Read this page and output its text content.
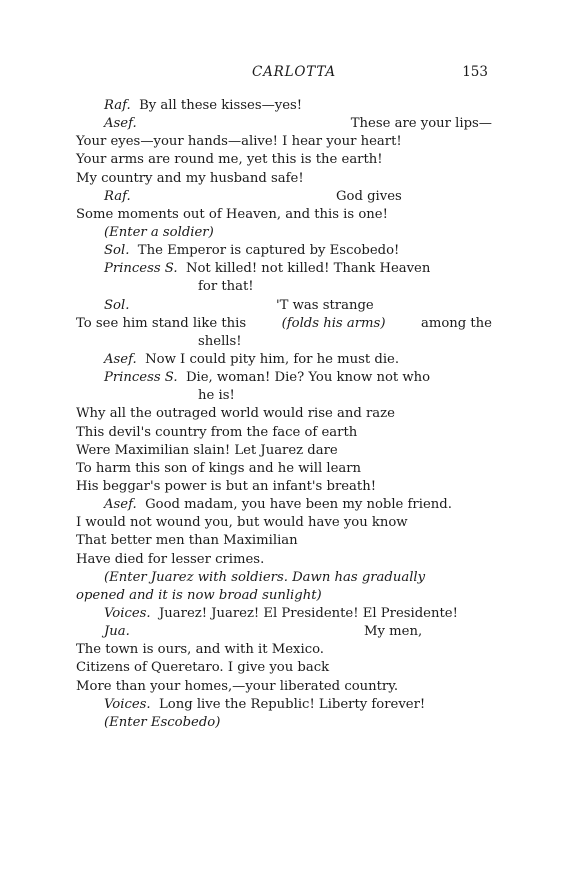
CARLOTTA	153
Raf. By all these kisses—yes!
Asef.	These are your lips—
Your eyes—your hands—alive! I hear your heart!
Your arms are round me, yet this is the earth!
My country and my husband safe!
Raf.	God gives
Some moments out of Heaven, and this is one!
(Enter a soldier)
Sol. The Emperor is captured by Escobedo!
Princess S. Not killed! not killed! Thank Heaven
for that!
Sol.	'T was strange
To see him stand like this	(folds his arms)	among the
shells!
Asef. Now I could pity him, for he must die.
Princess S. Die, woman! Die? You know not who
he is!
Why all the outraged world would rise and raze
This devil's country from the face of earth
Were Maximilian slain! Let Juarez dare
To harm this son of kings and he will learn
His beggar's power is but an infant's breath!
Asef. Good madam, you have been my noble friend.
I would not wound you, but would have you know
That better men than Maximilian
Have died for lesser crimes.
(Enter Juarez with soldiers. Dawn has gradually
opened and it is now broad sunlight)
Voices. Juarez! Juarez! El Presidente! El Presidente!
Jua.	My men,
The town is ours, and with it Mexico.
Citizens of Queretaro. I give you back
More than your homes,—your liberated country.
Voices. Long live the Republic! Liberty forever!
(Enter Escobedo)
